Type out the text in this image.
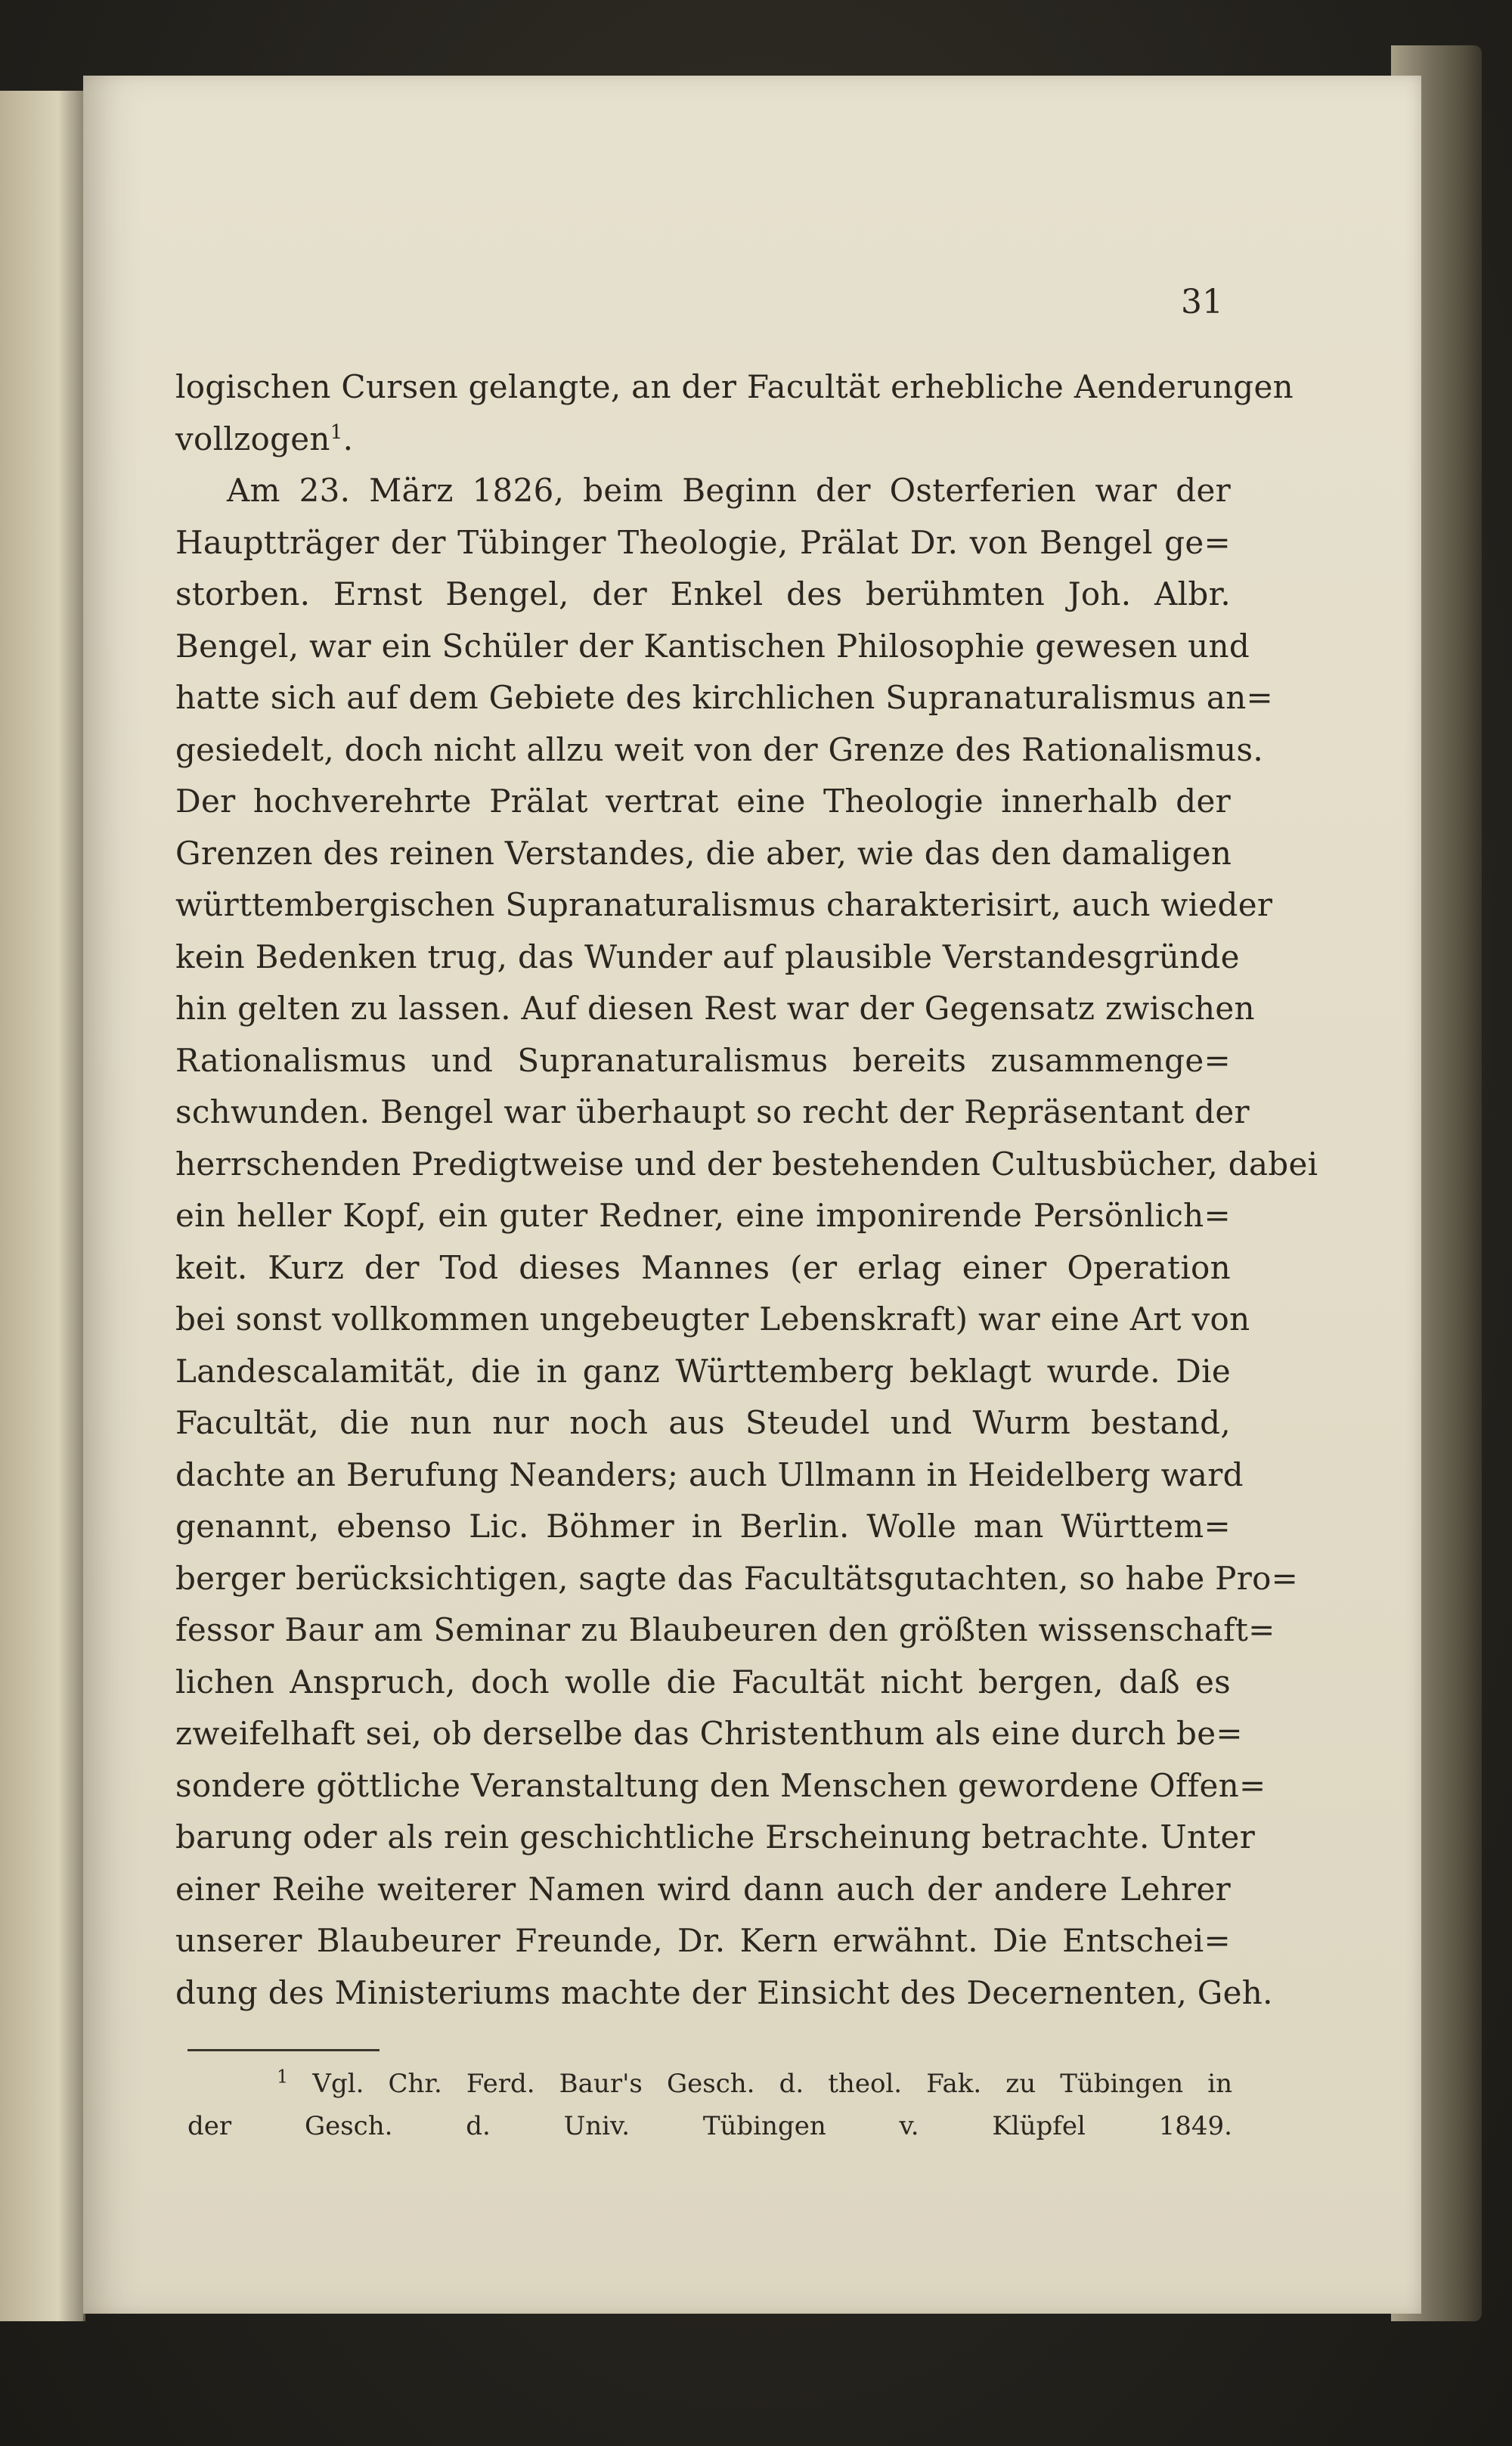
31
logischen Cursen gelangte, an der Facultät erhebliche Aenderungen
vollzogen$^1$.
Am 23. März 1826, beim Beginn der Osterferien war der
Hauptträger der Tübinger Theologie, Prälat Dr. von Bengel ge=
storben. Ernst Bengel, der Enkel des berühmten Joh. Albr.
Bengel, war ein Schüler der Kantischen Philosophie gewesen und
hatte sich auf dem Gebiete des kirchlichen Supranaturalismus an=
gesiedelt, doch nicht allzu weit von der Grenze des Rationalismus.
Der hochverehrte Prälat vertrat eine Theologie innerhalb der
Grenzen des reinen Verstandes, die aber, wie das den damaligen
württembergischen Supranaturalismus charakterisirt, auch wieder
kein Bedenken trug, das Wunder auf plausible Verstandesgründe
hin gelten zu lassen. Auf diesen Rest war der Gegensatz zwischen
Rationalismus und Supranaturalismus bereits zusammenge=
schwunden. Bengel war überhaupt so recht der Repräsentant der
herrschenden Predigtweise und der bestehenden Cultusbücher, dabei
ein heller Kopf, ein guter Redner, eine imponirende Persönlich=
keit. Kurz der Tod dieses Mannes (er erlag einer Operation
bei sonst vollkommen ungebeugter Lebenskraft) war eine Art von
Landescalamität, die in ganz Württemberg beklagt wurde. Die
Facultät, die nun nur noch aus Steudel und Wurm bestand,
dachte an Berufung Neanders; auch Ullmann in Heidelberg ward
genannt, ebenso Lic. Böhmer in Berlin. Wolle man Württem=
berger berücksichtigen, sagte das Facultätsgutachten, so habe Pro=
fessor Baur am Seminar zu Blaubeuren den größten wissenschaft=
lichen Anspruch, doch wolle die Facultät nicht bergen, daß es
zweifelhaft sei, ob derselbe das Christenthum als eine durch be=
sondere göttliche Veranstaltung den Menschen gewordene Offen=
barung oder als rein geschichtliche Erscheinung betrachte. Unter
einer Reihe weiterer Namen wird dann auch der andere Lehrer
unserer Blaubeurer Freunde, Dr. Kern erwähnt. Die Entschei=
dung des Ministeriums machte der Einsicht des Decernenten, Geh.
$^1$ Vgl. Chr. Ferd. Baur's Gesch. d. theol. Fak. zu Tübingen in
der Gesch. d. Univ. Tübingen v. Klüpfel 1849.
